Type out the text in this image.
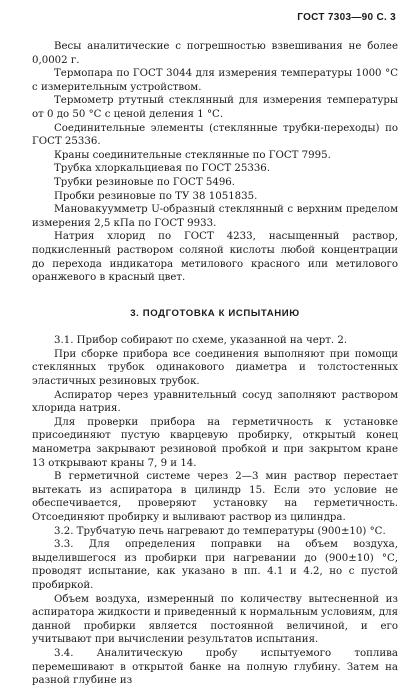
ГОСТ 7303—90 С. 3

Весы аналитические с погрешностью взвешивания не более 0,0002 г.

Термопара по ГОСТ 3044 для измерения температуры 1000 °С с измерительным устройством.

Термометр ртутный стеклянный для измерения температуры от 0 до 50 °С с ценой деления 1 °С.

Соединительные элементы (стеклянные трубки-переходы) по ГОСТ 25336.

Краны соединительные стеклянные по ГОСТ 7995.

Трубка хлоркальциевая по ГОСТ 25336.

Трубки резиновые по ГОСТ 5496.

Пробки резиновые по ТУ 38 1051835.

Мановакуумметр U-образный стеклянный с верхним пределом измерения 2,5 кПа по ГОСТ 9933.

Натрия хлорид по ГОСТ 4233, насыщенный раствор, подкисленный раствором соляной кислоты любой концентрации до перехода индикатора метилового красного или метилового оранжевого в красный цвет.

3. ПОДГОТОВКА К ИСПЫТАНИЮ

3.1. Прибор собирают по схеме, указанной на черт. 2.

При сборке прибора все соединения выполняют при помощи стеклянных трубок одинакового диаметра и толстостенных эластичных резиновых трубок.

Аспиратор через уравнительный сосуд заполняют раствором хлорида натрия.

Для проверки прибора на герметичность к установке присоединяют пустую кварцевую пробирку, открытый конец манометра закрывают резиновой пробкой и при закрытом кране 13 открывают краны 7, 9 и 14.

В герметичной системе через 2—3 мин раствор перестает вытекать из аспиратора в цилиндр 15. Если это условие не обеспечивается, проверяют установку на герметичность. Отсоединяют пробирку и выливают раствор из цилиндра.

3.2. Трубчатую печь нагревают до температуры (900±10) °С.

3.3. Для определения поправки на объем воздуха, выделившегося из пробирки при нагревании до (900±10) °С, проводят испытание, как указано в пп. 4.1 и 4.2, но с пустой пробиркой.

Объем воздуха, измеренный по количеству вытесненной из аспиратора жидкости и приведенный к нормальным условиям, для данной пробирки является постоянной величиной, и его учитывают при вычислении результатов испытания.

3.4. Аналитическую пробу испытуемого топлива перемешивают в открытой банке на полную глубину. Затем на разной глубине из
